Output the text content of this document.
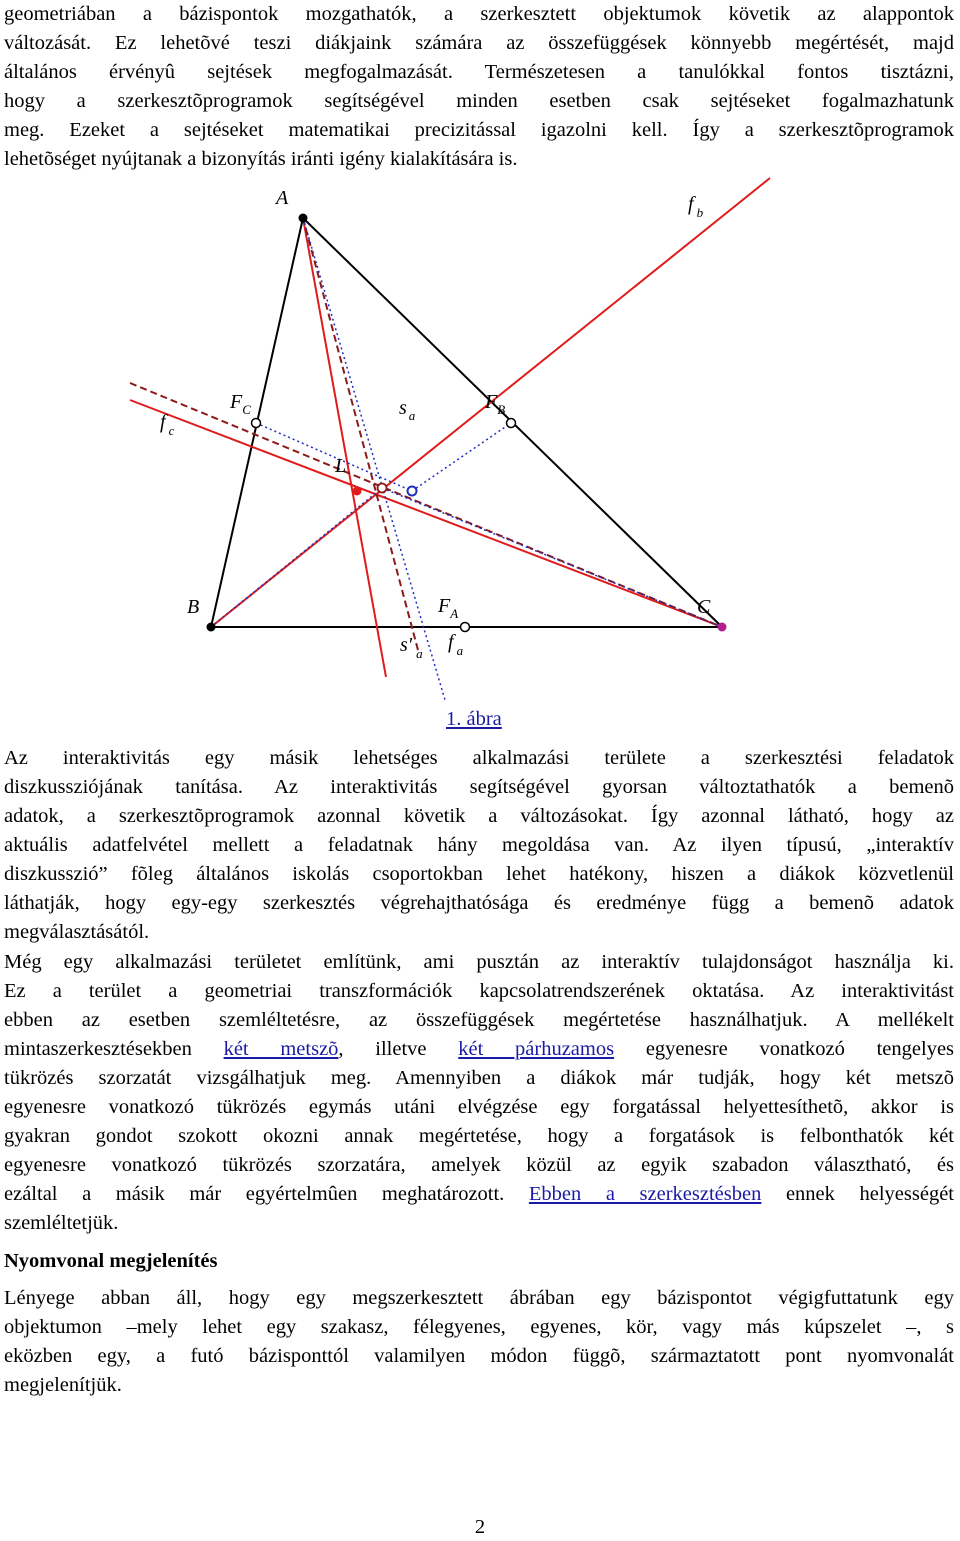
geometriában a bázispontok mozgathatók, a szerkesztett objektumok követik az alappontok
változását. Ez lehetõvé teszi diákjaink számára az összefüggések könnyebb megértését, majd
általános érvényû sejtések megfogalmazását. Természetesen a tanulókkal fontos tisztázni,
hogy a szerkesztõprogramok segítségével minden esetben csak sejtéseket fogalmazhatunk
meg. Ezeket a sejtéseket matematikai precizitással igazolni kell. Így a szerkesztõprogramok
lehetõséget nyújtanak a bizonyítás iránti igény kialakítására is.
A
B	C
$F_C$	$F_B$
$F_A$
f $_c$
f $_b$
f $_a$
s $_a$
s′ $_a$
L
1. ábra
Az interaktivitás egy másik lehetséges alkalmazási területe a szerkesztési feladatok
diszkussziójának tanítása. Az interaktivitás segítségével gyorsan változtathatók a bemenõ
adatok, a szerkesztõprogramok azonnal követik a változásokat. Így azonnal látható, hogy az
aktuális adatfelvétel mellett a feladatnak hány megoldása van. Az ilyen típusú, „interaktív
diszkusszió” fõleg általános iskolás csoportokban lehet hatékony, hiszen a diákok közvetlenül
láthatják, hogy egy-egy szerkesztés végrehajthatósága és eredménye függ a bemenõ adatok
megválasztásától.
Még egy alkalmazási területet említünk, ami pusztán az interaktív tulajdonságot használja ki.
Ez a terület a geometriai transzformációk kapcsolatrendszerének oktatása. Az interaktivitást
ebben az esetben szemléltetésre, az összefüggések megértetése használhatjuk. A mellékelt
mintaszerkesztésekben két metszõ, illetve két párhuzamos egyenesre vonatkozó tengelyes
tükrözés szorzatát vizsgálhatjuk meg. Amennyiben a diákok már tudják, hogy két metszõ
egyenesre vonatkozó tükrözés egymás utáni elvégzése egy forgatással helyettesíthetõ, akkor is
gyakran gondot szokott okozni annak megértetése, hogy a forgatások is felbonthatók két
egyenesre vonatkozó tükrözés szorzatára, amelyek közül az egyik szabadon választható, és
ezáltal a másik már egyértelmûen meghatározott. Ebben a szerkesztésben ennek helyességét
szemléltetjük.
Nyomvonal megjelenítés
Lényege abban áll, hogy egy megszerkesztett ábrában egy bázispontot végigfuttatunk egy
objektumon –mely lehet egy szakasz, félegyenes, egyenes, kör, vagy más kúpszelet –, s
eközben egy, a futó bázisponttól valamilyen módon függõ, származtatott pont nyomvonalát
megjelenítjük.
2
